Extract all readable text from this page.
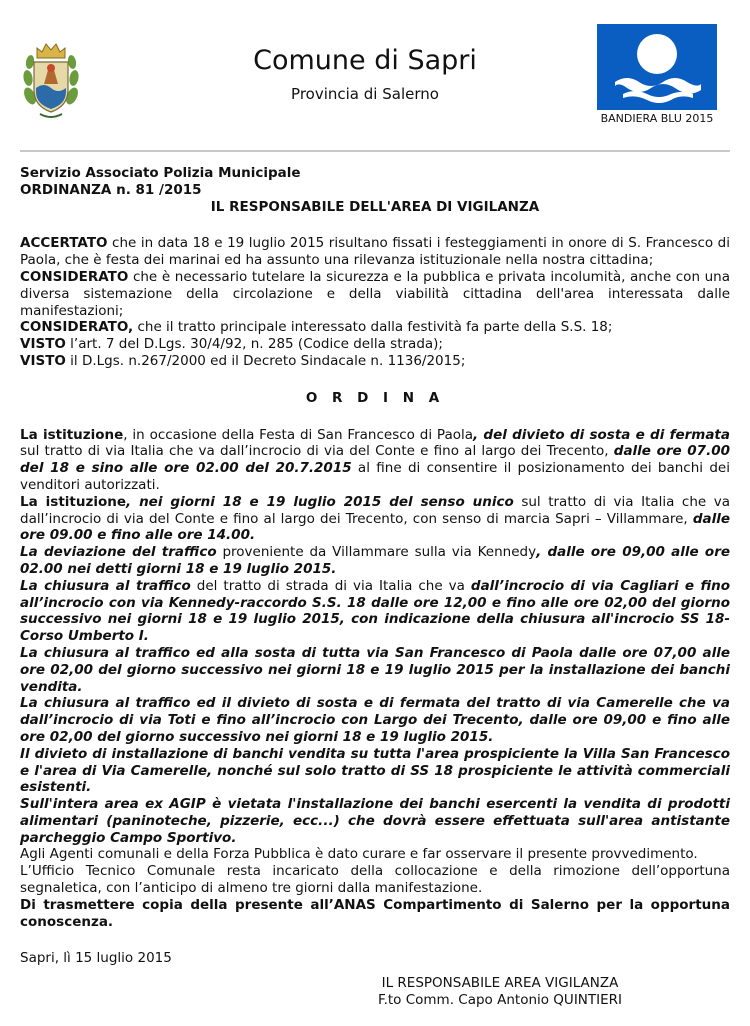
Comune di Sapri
Provincia di Salerno
BANDIERA BLU 2015

Servizio Associato Polizia Municipale

ORDINANZA n. 81 /2015

IL RESPONSABILE DELL'AREA DI VIGILANZA

ACCERTATO che in data 18 e 19 luglio 2015 risultano fissati i festeggiamenti in onore di S. Francesco di Paola, che è festa dei marinai ed ha assunto una rilevanza istituzionale nella nostra cittadina;

CONSIDERATO che è necessario tutelare la sicurezza e la pubblica e privata incolumità, anche con una diversa sistemazione della circolazione e della viabilità cittadina dell'area interessata dalle manifestazioni;

CONSIDERATO, che il tratto principale interessato dalla festività fa parte della S.S. 18;

VISTO l’art. 7 del D.Lgs. 30/4/92, n. 285 (Codice della strada);

VISTO il D.Lgs. n.267/2000 ed il Decreto Sindacale n. 1136/2015;

O R D I N A

La istituzione, in occasione della Festa di San Francesco di Paola, del divieto di sosta e di fermata sul tratto di via Italia che va dall’incrocio di via del Conte e fino al largo dei Trecento, dalle ore 07.00 del 18 e sino alle ore 02.00 del 20.7.2015 al fine di consentire il posizionamento dei banchi dei venditori autorizzati.

La istituzione, nei giorni 18 e 19 luglio 2015 del senso unico sul tratto di via Italia che va dall’incrocio di via del Conte e fino al largo dei Trecento, con senso di marcia Sapri – Villammare, dalle ore 09.00 e fino alle ore 14.00.

La deviazione del traffico proveniente da Villammare sulla via Kennedy, dalle ore 09,00 alle ore 02.00 nei detti giorni 18 e 19 luglio 2015.

La chiusura al traffico del tratto di strada di via Italia che va dall’incrocio di via Cagliari e fino all’incrocio con via Kennedy-raccordo S.S. 18 dalle ore 12,00 e fino alle ore 02,00 del giorno successivo nei giorni 18 e 19 luglio 2015, con indicazione della chiusura all'incrocio SS 18- Corso Umberto I.

La chiusura al traffico ed alla sosta di tutta via San Francesco di Paola dalle ore 07,00 alle ore 02,00 del giorno successivo nei giorni 18 e 19 luglio 2015 per la installazione dei banchi vendita.

La chiusura al traffico ed il divieto di sosta e di fermata del tratto di via Camerelle che va dall’incrocio di via Toti e fino all’incrocio con Largo dei Trecento, dalle ore 09,00 e fino alle ore 02,00 del giorno successivo nei giorni 18 e 19 luglio 2015.

Il divieto di installazione di banchi vendita su tutta l'area prospiciente la Villa San Francesco e l'area di Via Camerelle, nonché sul solo tratto di SS 18 prospiciente le attività commerciali esistenti.

Sull'intera area ex AGIP è vietata l'installazione dei banchi esercenti la vendita di prodotti alimentari (paninoteche, pizzerie, ecc...) che dovrà essere effettuata sull'area antistante parcheggio Campo Sportivo.

Agli Agenti comunali e della Forza Pubblica è dato curare e far osservare il presente provvedimento.

L’Ufficio Tecnico Comunale resta incaricato della collocazione e della rimozione dell’opportuna segnaletica, con l’anticipo di almeno tre giorni dalla manifestazione.

Di trasmettere copia della presente all’ANAS Compartimento di Salerno per la opportuna conoscenza.

Sapri, lì 15 luglio 2015

IL RESPONSABILE AREA VIGILANZA

F.to Comm. Capo Antonio QUINTIERI
